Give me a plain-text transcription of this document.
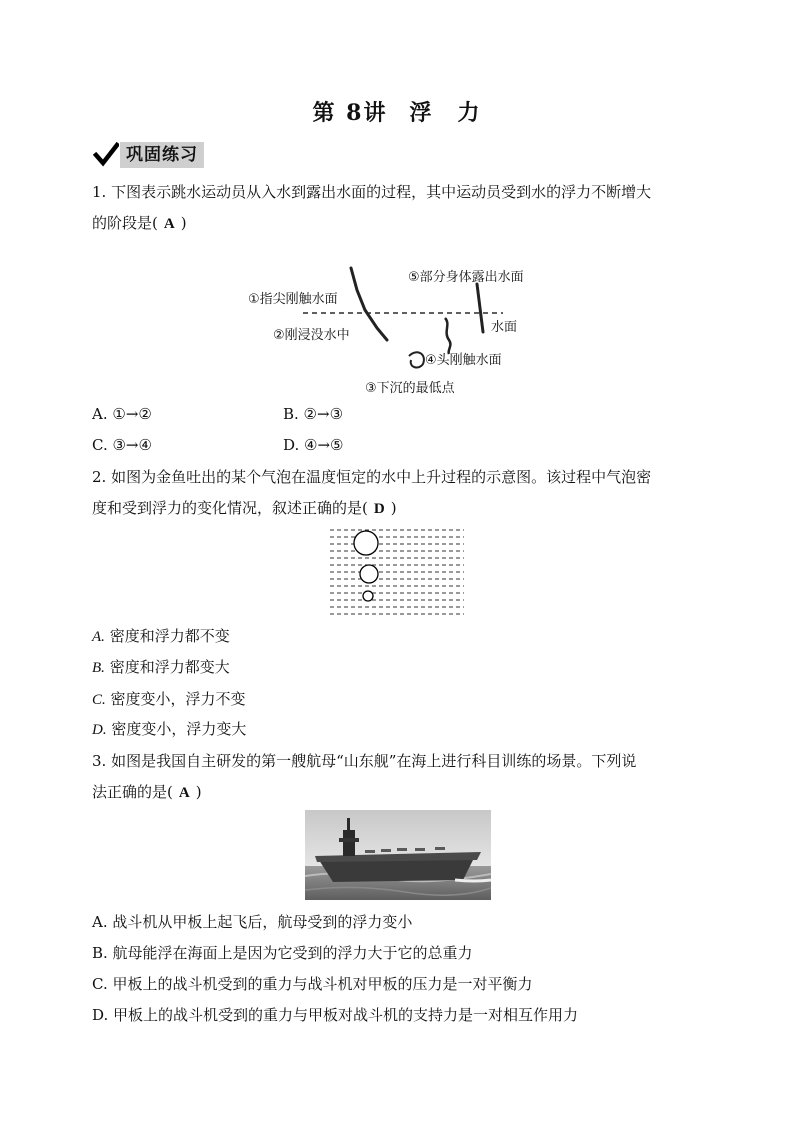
第 8讲 浮　力
巩固练习
1. 下图表示跳水运动员从入水到露出水面的过程，其中运动员受到水的浮力不断增大
的阶段是( A )
①指尖刚触水面
②刚浸没水中
③下沉的最低点
④头刚触水面
⑤部分身体露出水面
水面
A. ①→②	B. ②→③
C. ③→④	D. ④→⑤
2. 如图为金鱼吐出的某个气泡在温度恒定的水中上升过程的示意图。该过程中气泡密
度和受到浮力的变化情况，叙述正确的是( D )
A. 密度和浮力都不变
B. 密度和浮力都变大
C. 密度变小，浮力不变
D. 密度变小，浮力变大
3. 如图是我国自主研发的第一艘航母“山东舰”在海上进行科目训练的场景。下列说
法正确的是( A )
A. 战斗机从甲板上起飞后，航母受到的浮力变小
B. 航母能浮在海面上是因为它受到的浮力大于它的总重力
C. 甲板上的战斗机受到的重力与战斗机对甲板的压力是一对平衡力
D. 甲板上的战斗机受到的重力与甲板对战斗机的支持力是一对相互作用力
